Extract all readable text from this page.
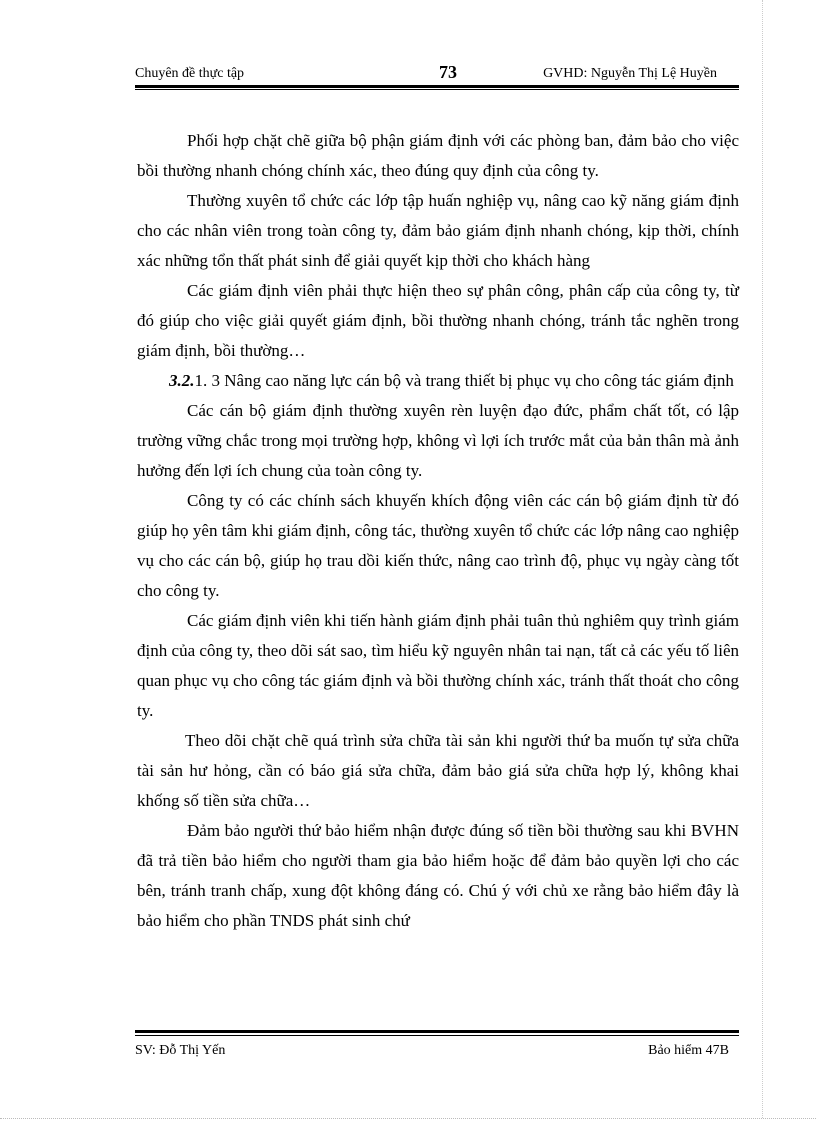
Chuyên đề thực tập	73	GVHD: Nguyễn Thị Lệ Huyền

Phối hợp chặt chẽ giữa bộ phận giám định với các phòng ban, đảm bảo cho việc bồi thường nhanh chóng chính xác, theo đúng quy định của công ty.

Thường xuyên tổ chức các lớp tập huấn nghiệp vụ, nâng cao kỹ năng giám định cho các nhân viên trong toàn công ty, đảm bảo giám định nhanh chóng, kịp thời, chính xác những tổn thất phát sinh để giải quyết kịp thời cho khách hàng

Các giám định viên phải thực hiện theo sự phân công, phân cấp của công ty, từ đó giúp cho việc giải quyết giám định, bồi thường nhanh chóng, tránh tắc nghẽn trong giám định, bồi thường…

3.2.1. 3 Nâng cao năng lực cán bộ và trang thiết bị phục vụ cho công tác giám định

Các cán bộ giám định thường xuyên rèn luyện đạo đức, phẩm chất tốt, có lập trường vững chắc trong mọi trường hợp, không vì lợi ích trước mắt của bản thân mà ảnh hưởng đến lợi ích chung của toàn công ty.

Công ty có các chính sách khuyến khích động viên các cán bộ giám định từ đó giúp họ yên tâm khi giám định, công tác, thường xuyên tổ chức các lớp nâng cao nghiệp vụ cho các cán bộ, giúp họ trau dồi kiến thức, nâng cao trình độ, phục vụ ngày càng tốt cho công ty.

Các giám định viên khi tiến hành giám định phải tuân thủ nghiêm quy trình giám định của công ty, theo dõi sát sao, tìm hiểu kỹ nguyên nhân tai nạn, tất cả các yếu tố liên quan phục vụ cho công tác giám định và bồi thường chính xác, tránh thất thoát cho công ty.

Theo dõi chặt chẽ quá trình sửa chữa tài sản khi người thứ ba muốn tự sửa chữa tài sản hư hỏng, cần có báo giá sửa chữa, đảm bảo giá sửa chữa hợp lý, không khai khống số tiền sửa chữa…

Đảm bảo người thứ bảo hiểm nhận được đúng số tiền bồi thường sau khi BVHN đã trả tiền bảo hiểm cho người tham gia bảo hiểm hoặc để đảm bảo quyền lợi cho các bên, tránh tranh chấp, xung đột không đáng có. Chú ý với chủ xe rằng bảo hiểm đây là bảo hiểm cho phần TNDS phát sinh chứ

SV: Đỗ Thị Yến	Bảo hiểm 47B
